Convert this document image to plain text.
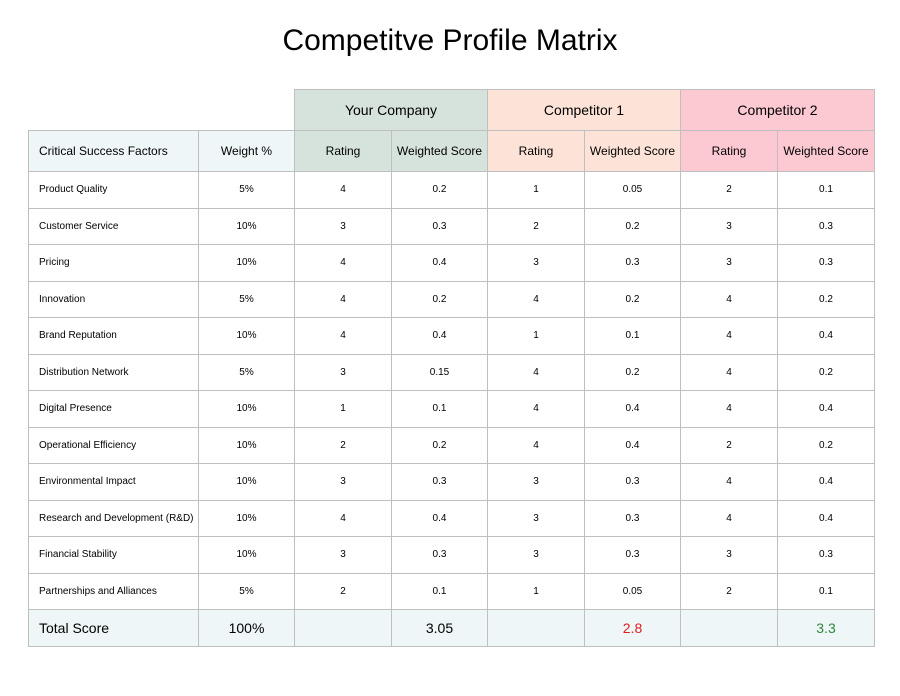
Competitve Profile Matrix
		Your Company		Competitor 1		Competitor 2	
Critical Success Factors	Weight %	Rating	Weighted Score	Rating	Weighted Score	Rating	Weighted Score
Product Quality	5%	4	0.2	1	0.05	2	0.1
Customer Service	10%	3	0.3	2	0.2	3	0.3
Pricing	10%	4	0.4	3	0.3	3	0.3
Innovation	5%	4	0.2	4	0.2	4	0.2
Brand Reputation	10%	4	0.4	1	0.1	4	0.4
Distribution Network	5%	3	0.15	4	0.2	4	0.2
Digital Presence	10%	1	0.1	4	0.4	4	0.4
Operational Efficiency	10%	2	0.2	4	0.4	2	0.2
Environmental Impact	10%	3	0.3	3	0.3	4	0.4
Research and Development (R&D)	10%	4	0.4	3	0.3	4	0.4
Financial Stability	10%	3	0.3	3	0.3	3	0.3
Partnerships and Alliances	5%	2	0.1	1	0.05	2	0.1
Total Score	100%		3.05		2.8		3.3
